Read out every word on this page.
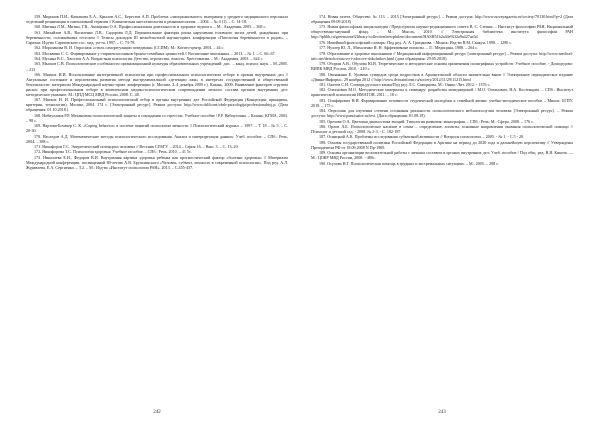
159. Миронов П.И., Кашапова Е.А., Крылов А.С., Берестов А.П. Проблема «эмоционального» выгорания у среднего медицинского персонала отделений реанимации и интенсивной терапии // Клиническая анестезиология и реаниматология. – 2004. – № 4 (1). – С. 14-18.

160. Митина Л.М., Митин, Г.В., Анищенко О.А. Профессиональная деятельность и здоровье педагога. – М.: Академия, 2005. – 368 с.

161. Михайлов А.В., Василенко Л.В., Сидорова Л.Д. Перинатальные факторы риска нарушения головного мозга детей, рождённых при беременности, осложнённых гестозом // Тезисы докладов III межобластной научно-практ. конференции «Патология беременности и родов». – Саратов: Изд-во Саратовского гос. мед. ун-та, 1997. – С. 73-78.

162. Морозанова В. И. Опросник «стиль саморегуляции поведения» (ССПМ). М.: Когито-центр, 2004. – 44 с.

163. Москвина С. С. Формирование у старшеклассников бронхо-семейных ценностей // Воспитание школьника. – 2013. – № 1. – С. 66–67.

164. Мухина В.С., Хвостов А.А. Возрастная психология. Детство, отрочество, юность. Хрестоматия. – М.: Академия, 2003. – 624 с.

165. Мысков С.В. Психологические особенности организационной культуры образовательных учреждений: дис. ... канд. психол. наук. – М.,2005. – 213

166. Мягких И.И. Использование интегративной психологии при профессиональном психологическом отборе в органы внутренних дел // Актуальные состояние и перспективы развития метода инструментальной «детекции лжи» в интересах государственной и общественной безопасности: материалы Международной научно-практ. конференции (г. Москва, 2–4 декабря 2009 г.). Казань, 2009; Выявление факторов «группы риска» при профессиональном отборе в комплексном медико-психологическом сопровождении личного состава органов внутренних дел: методическое указание. М.: ЦПД МСЦ МВД России, 2008. С. 48.

167. Мягких И. И. Профессиональный психологический отбор в органы внутренних дел Российской Федерации (Концепция: принципы, критерии, технологии). Москва, 2004. 174 с. [Электронный ресурс]. Режим доступа: http://www.dslib.net/obsh-psixologija/professionalnyj.p. (Дата обращения: 01.10.2018.).

168. Набиуллина Р.Р. Механизмы психологической защиты и совладания со стрессом. Учебное пособие / Р.Р. Набиуллина. – Казань: КГМА, 2003. – 98 с.

169. Нартова-Бочавер С. К. «Coping behavior» в системе понятий психологии личности // Психологический журнал. – 1997. – Т. 18 – № 5. – С. 20-30.

170. Наследов А.Д. Математические методы психологического исследования. Анализ и интерпретация данных: Учеб. пособие. – СПб.: Речь, 2004. – 388 с.

171. Никифоров Г.С. Энергетический потенциал человека // Вестник СПбГУ. – 2014 – Серия 16. – Вып. 3. – С. 13–20.

172. Никифорова Т.С. Психология здоровья: Учебное пособие. – СПб.: Речь, 2010. – 41 5с.

173. Николаева Е.И., Федоров В.И. Внутренняя картина здоровья ребенка как прогностический фактор «болезни здоровья» // Материалы Международной конференции, посвященной 80-летию А.В. Брушлинского «Человек, субъект, личность в современной психологии». Под ред. А.Л. Журавлева, Е.А. Сергиенко. – Т.2. – М.: Изд-во «Институт психологии РАН», 2013. – С.455-457.

242

174. Новая газета. Общество. № 113. – 2015 [Электронный ресурс]. – Режим доступа: http://www.novayagazeta.ru/society/70130.html?p=2 (Дата обращения 09.09.2018)

175. Новая философская энциклопедия / Председатель научно-редакционного совета В. С. Стёпин. – Институт философии РАН, Национальный общественно-научный фонд. – М.: Мысль, 2010. // Электронная библиотека института философии РАН http://iphlib.ru/greenstone3/library/collection/newphilenc/document/HASH51b2a44e92f2a9a427ae5d

176. Новейший философский словарь: Под ред. А. А. Грицанова. - Минск: Изд-во В.М. Скакун, 1998. – 1280 с.

177. Нуллер Ю. Л., Михаленко И. Н. Аффективные психозы. – Л.: Медицина, 1988. – 264 с.

178. Образование и здоровье школьников // Медицинский информационный ресурс [электронный ресурс] – Режим доступа: http://www.medical-info.net/detsolovrasovo-i-zdorove-shkolnikov.html (дата обращения: 29.05.2018).

179. Оборин А.В., Обухова Ю.В. Теоретические и методические основы применения полиграфных устройств: Учебное пособие. - Домодедово: ВИПК МВД России, 2010. - 210 с.

180. Овсянкина Е. Уровень суицидов среди подростков в Архангельской области значительно выше // Электронное периодическое издание «Двина-Информ». 29 ноября 2012 // http://www.dvinainform.ru/society/2012/11/29/11215.html

181. Ожегов С.И. Словарь русского языка/Под ред. Л.С. Скворцова. М.: Оникс-Лит, 2012. - 1376 с.

182. Олехнович М.О. Методические материалы к семинару: разработка менеджерской / М.О. Олехнович, Н.А. Костенцова. – СПб.: Институт практической психологии ИМАТОН, 2011. – 18 с.

183. Олифирович Н.И. Формирование готовности студенческой молодёжи к семейной жизни: учебно-методическое пособие – Минск: БГПУ, 2018. – 175 с.

184. Опросник для изучения степени осознания реальности психологического неблагополучия человека [Электронный ресурс]. – Режим доступа: http://www.punctuator.ru/test. (Дата обращения: 01.08.18).

185. Орехова О.А. Цветовая диагностика эмоций. Типология развития: монография. – СПб.: Речь; М.: Сфера, 2008. – 176 с.

186. Орлов А.Б. Психологическое насилие в семье – определение, аспекты, основные направления оказания психологической помощи // Психолог и детский сад. - 2008. № 2-3. - С. 182-187.

187. Осницкий А.К. Проблемы исследования субъектной активности // Вопросы психологии. – 2005. - № 1. - С.5 - 20.

188. Основы государственной политики Российской Федерации в Арктике на период до 2020 года и дальнейшую перспективу // Утверждены Президентом РФ от 18.09.2008 N Пр-1969.

189. Основы организации воспитательной работы с личным составом в органах внутренних дел: Учеб. пособие / Под общ. ред. В.Я. Кикотя. — М.: ЦОКР МВД России, 2008. - 480с.

190. Осухова Н.Г. Психологическая помощь в трудных и экстремальных ситуациях. – М., 2005. – 288 с.

243
